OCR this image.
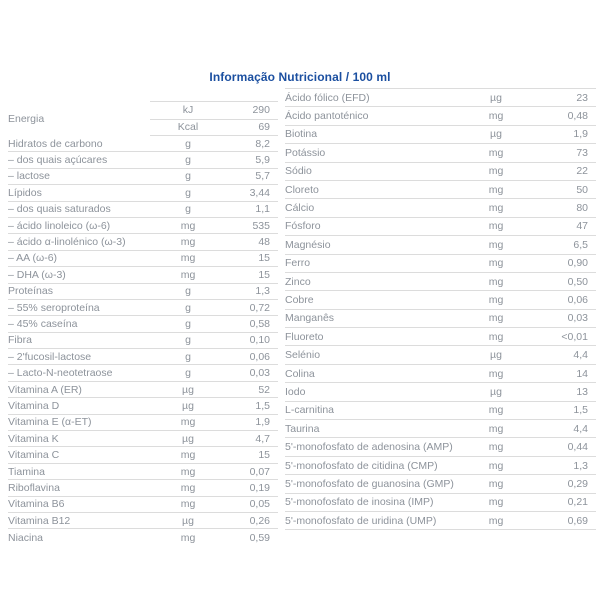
Informação Nutricional / 100 ml
Energia
kJ	290
Kcal	69
Hidratos de carbono	g	8,2
– dos quais açúcares	g	5,9
– lactose	g	5,7
Lípidos	g	3,44
– dos quais saturados	g	1,1
– ácido linoleico (ω-6)	mg	535
– ácido α-linolénico (ω-3)	mg	48
– AA (ω-6)	mg	15
– DHA (ω-3)	mg	15
Proteínas	g	1,3
– 55% seroproteína	g	0,72
– 45% caseína	g	0,58
Fibra	g	0,10
– 2'fucosil-lactose	g	0,06
– Lacto-N-neotetraose	g	0,03
Vitamina A (ER)	µg	52
Vitamina D	µg	1,5
Vitamina E (α-ET)	mg	1,9
Vitamina K	µg	4,7
Vitamina C	mg	15
Tiamina	mg	0,07
Riboflavina	mg	0,19
Vitamina B6	mg	0,05
Vitamina B12	µg	0,26
Niacina	mg	0,59
Ácido fólico (EFD)	µg	23
Ácido pantoténico	mg	0,48
Biotina	µg	1,9
Potássio	mg	73
Sódio	mg	22
Cloreto	mg	50
Cálcio	mg	80
Fósforo	mg	47
Magnésio	mg	6,5
Ferro	mg	0,90
Zinco	mg	0,50
Cobre	mg	0,06
Manganês	mg	0,03
Fluoreto	mg	<0,01
Selénio	µg	4,4
Colina	mg	14
Iodo	µg	13
L-carnitina	mg	1,5
Taurina	mg	4,4
5'-monofosfato de adenosina (AMP)	mg	0,44
5'-monofosfato de citidina (CMP)	mg	1,3
5'-monofosfato de guanosina (GMP)	mg	0,29
5'-monofosfato de inosina (IMP)	mg	0,21
5'-monofosfato de uridina (UMP)	mg	0,69
